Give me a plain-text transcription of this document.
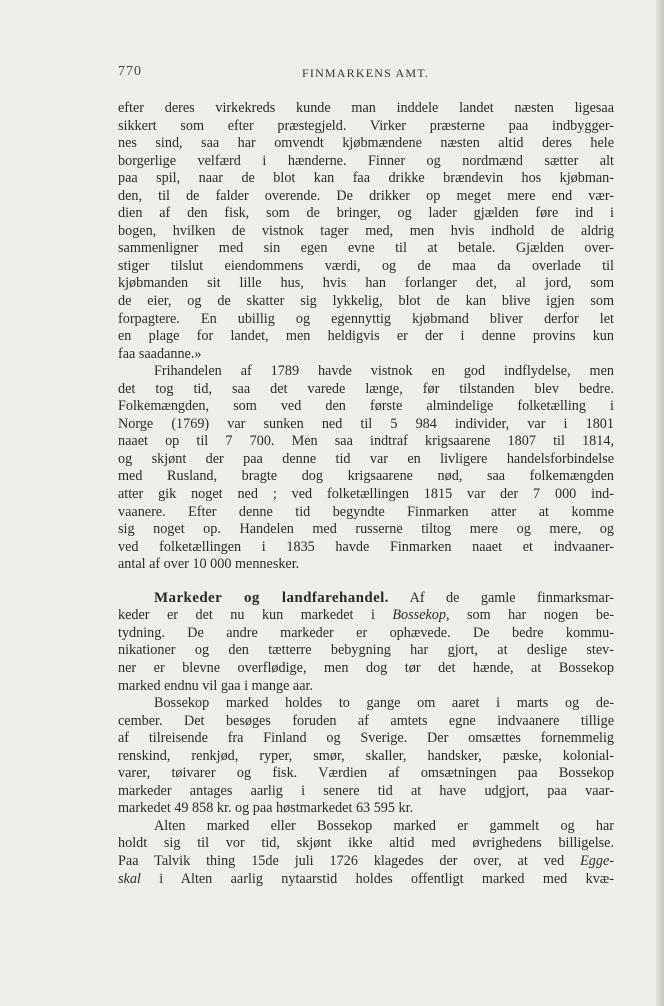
770	FINMARKENS AMT.
efter deres virkekreds kunde man inddele landet næsten ligesaa
sikkert som efter præstegjeld. Virker præsterne paa indbygger-
nes sind, saa har omvendt kjøbmændene næsten altid deres hele
borgerlige velfærd i hænderne. Finner og nordmænd sætter alt
paa spil, naar de blot kan faa drikke brændevin hos kjøbman-
den, til de falder overende. De drikker op meget mere end vær-
dien af den fisk, som de bringer, og lader gjælden føre ind i
bogen, hvilken de vistnok tager med, men hvis indhold de aldrig
sammenligner med sin egen evne til at betale. Gjælden over-
stiger tilslut eiendommens værdi, og de maa da overlade til
kjøbmanden sit lille hus, hvis han forlanger det, al jord, som
de eier, og de skatter sig lykkelig, blot de kan blive igjen som
forpagtere. En ubillig og egennyttig kjøbmand bliver derfor let
en plage for landet, men heldigvis er der i denne provins kun
faa saadanne.»
Frihandelen af 1789 havde vistnok en god indflydelse, men
det tog tid, saa det varede længe, før tilstanden blev bedre.
Folkemængden, som ved den første almindelige folketælling i
Norge (1769) var sunken ned til 5 984 individer, var i 1801
naaet op til 7 700. Men saa indtraf krigsaarene 1807 til 1814,
og skjønt der paa denne tid var en livligere handelsforbindelse
med Rusland, bragte dog krigsaarene nød, saa folkemængden
atter gik noget ned ; ved folketællingen 1815 var der 7 000 ind-
vaanere. Efter denne tid begyndte Finmarken atter at komme
sig noget op. Handelen med russerne tiltog mere og mere, og
ved folketællingen i 1835 havde Finmarken naaet et indvaaner-
antal af over 10 000 mennesker.
Markeder og landfarehandel. Af de gamle finmarksmar-
keder er det nu kun markedet i Bossekop, som har nogen be-
tydning. De andre markeder er ophævede. De bedre kommu-
nikationer og den tætterre bebygning har gjort, at deslige stev-
ner er blevne overflødige, men dog tør det hænde, at Bossekop
marked endnu vil gaa i mange aar.
Bossekop marked holdes to gange om aaret i marts og de-
cember. Det besøges foruden af amtets egne indvaanere tillige
af tilreisende fra Finland og Sverige. Der omsættes fornemmelig
renskind, renkjød, ryper, smør, skaller, handsker, pæske, kolonial-
varer, tøivarer og fisk. Værdien af omsætningen paa Bossekop
markeder antages aarlig i senere tid at have udgjort, paa vaar-
markedet 49 858 kr. og paa høstmarkedet 63 595 kr.
Alten marked eller Bossekop marked er gammelt og har
holdt sig til vor tid, skjønt ikke altid med øvrighedens billigelse.
Paa Talvik thing 15de juli 1726 klagedes der over, at ved Egge-
skal i Alten aarlig nytaarstid holdes offentligt marked med kvæ-
